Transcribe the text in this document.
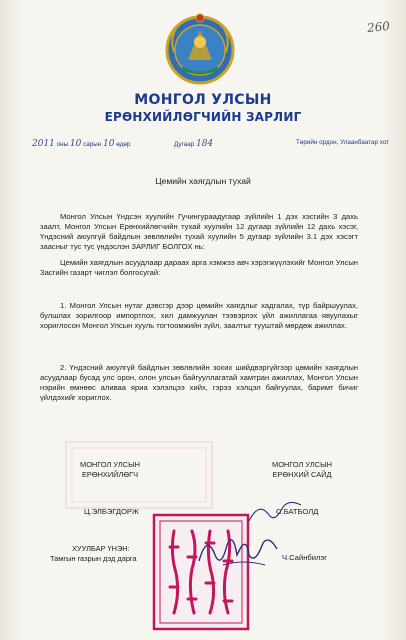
260
МОНГОЛ УЛСЫН
ЕРӨНХИЙЛӨГЧИЙН ЗАРЛИГ
2011 оны 10 сарын 10 өдөр	Дугаар 184	Төрийн ордон, Улаанбаатар хот
Цемийн хаягдлын тухай
Монгол Улсын Үндсэн хуулийн Гучингураадугаар зүйлийн 1 дэх хэсгийн 3 дахь заалт, Монгол Улсын Ерөнхийлөгчийн тухай хуулийн 12 дугаар зүйлийн 12 дахь хэсэг, Үндэсний аюулгүй байдлын зөвлөлийн тухай хуулийн 5 дугаар зүйлийн 3.1 дэх хэсэгт заасныг тус тус үндэслэн ЗАРЛИГ БОЛГОХ нь:
Цемийн хаягдлын асуудлаар дараах арга хэмжээ авч хэрэгжүүлэхийг Монгол Улсын Засгийн газарт чиглэл болгосугай:
1. Монгол Улсын нутаг дэвсгэр дээр цөмийн хаягдлыг хадгалах, түр байршуулах, булшлах зорилгоор импортлох, хил дамжуулан тээвэрлэх үйл ажиллагаа явуулахыг хориглосон Монгол Улсын хууль тогтоомжийн зүйл, заалтыг тууштай мөрдөж ажиллах.
2. Үндэсний аюулгүй байдлын зөвлөлийн зохих шийдвэргүйгээр цөмийн хаягдлын асуудлаар бусад улс орон, олон улсын байгууллагатай хамтран ажиллах, Монгол Улсын нэрийн өмнөөс аливаа яриа хэлэлцээ хийх, гэрээ хэлцэл байгуулах, баримт бичиг үйлдэхийг хориглох.
МОНГОЛ УЛСЫН
ЕРӨНХИЙЛӨГЧ
Ц.ЭЛБЭГДОРЖ
МОНГОЛ УЛСЫН
ЕРӨНХИЙ САЙД
С.БАТБОЛД
ХУУЛБАР ҮНЭН:
Тамгын газрын дэд дарга	Ч.Сайнбилэг
